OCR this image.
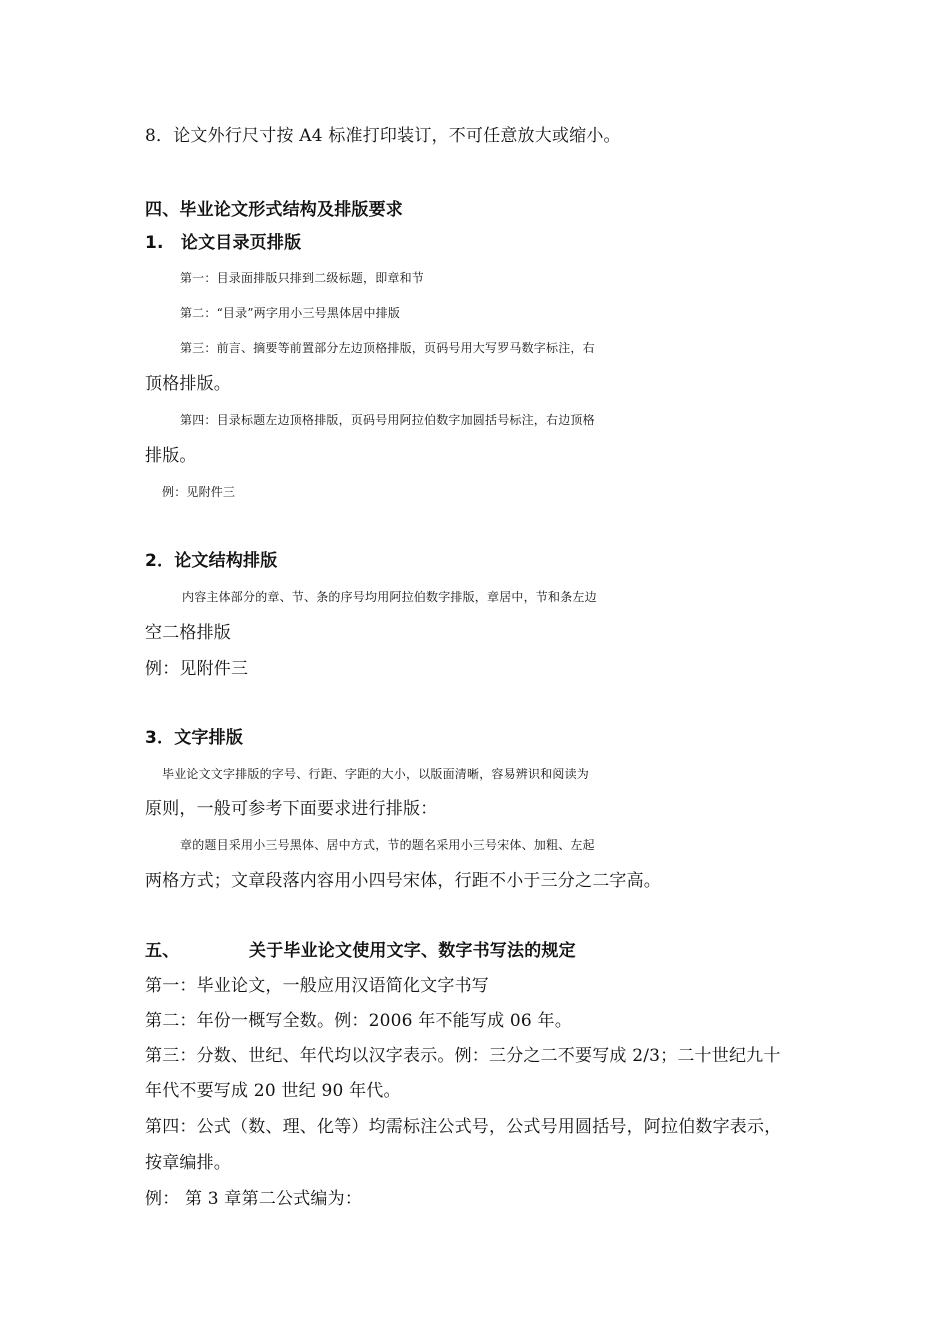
8．论文外行尺寸按 A4 标准打印装订，不可任意放大或缩小。
四、毕业论文形式结构及排版要求
1.　论文目录页排版
第一：目录面排版只排到二级标题，即章和节
第二：“目录”两字用小三号黑体居中排版
第三：前言、摘要等前置部分左边顶格排版，页码号用大写罗马数字标注，右
顶格排版。
第四：目录标题左边顶格排版，页码号用阿拉伯数字加圆括号标注，右边顶格
排版。
例：见附件三
2．论文结构排版
内容主体部分的章、节、条的序号均用阿拉伯数字排版，章居中，节和条左边
空二格排版
例：见附件三
3．文字排版
毕业论文文字排版的字号、行距、字距的大小，以版面清晰，容易辨识和阅读为
原则，一般可参考下面要求进行排版：
章的题目采用小三号黑体、居中方式，节的题名采用小三号宋体、加粗、左起
两格方式；文章段落内容用小四号宋体，行距不小于三分之二字高。
五、	关于毕业论文使用文字、数字书写法的规定
第一：毕业论文，一般应用汉语简化文字书写
第二：年份一概写全数。例：2006 年不能写成 06 年。
第三：分数、世纪、年代均以汉字表示。例：三分之二不要写成 2/3；二十世纪九十
年代不要写成 20 世纪 90 年代。
第四：公式（数、理、化等）均需标注公式号，公式号用圆括号，阿拉伯数字表示，
按章编排。
例： 第 3 章第二公式编为：
